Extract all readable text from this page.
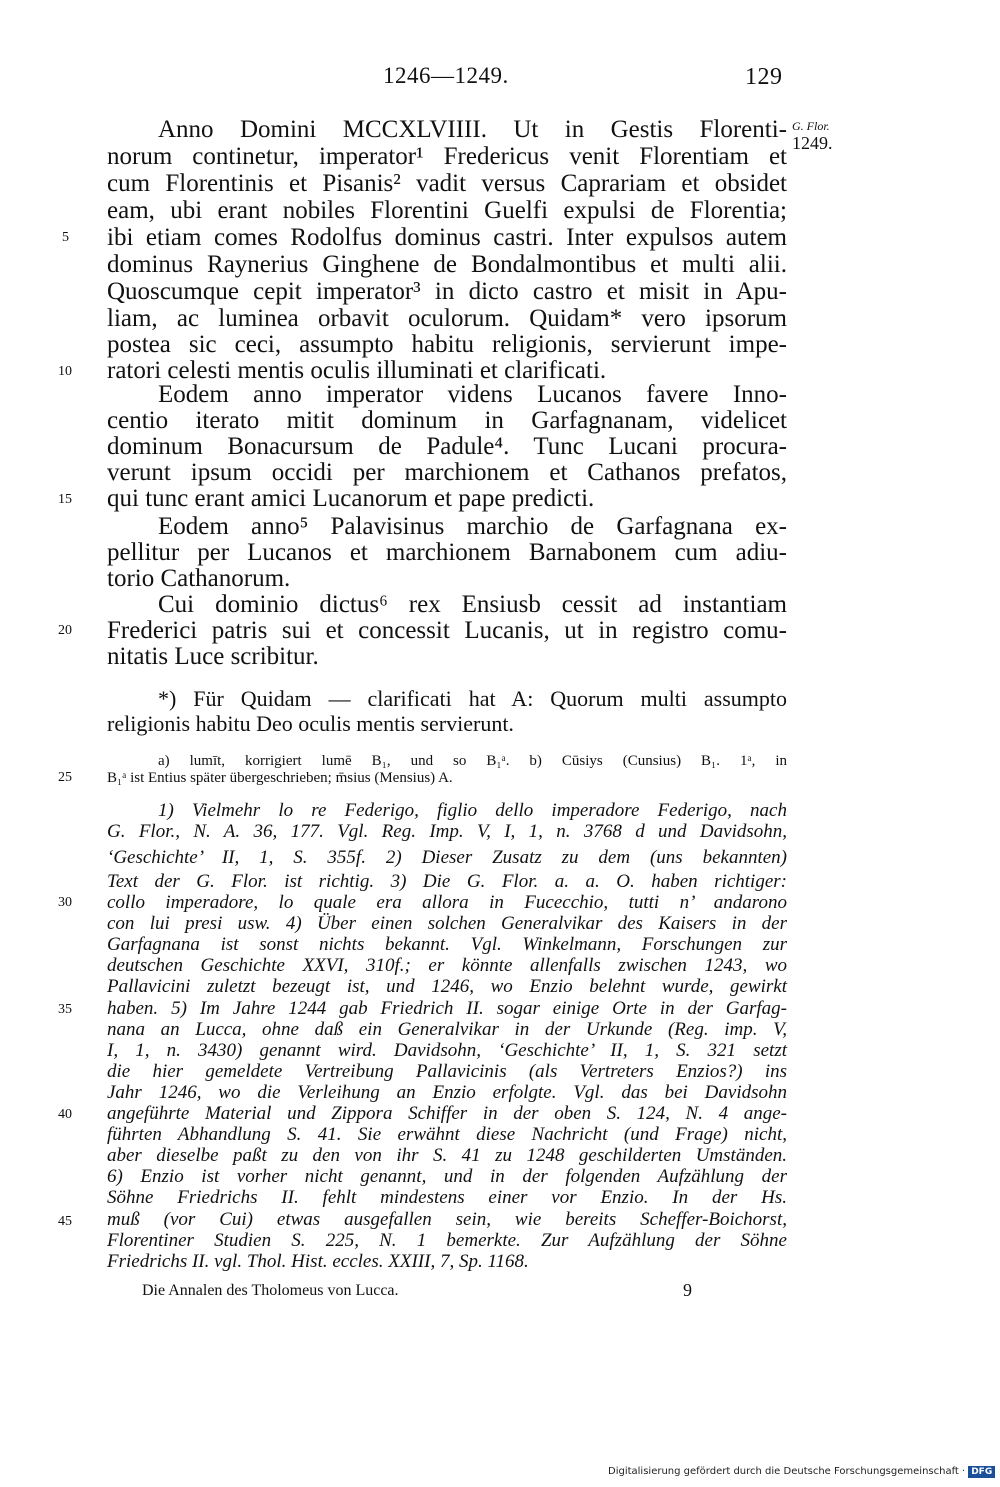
1246—1249.	129
G. Flor.
1249.
Anno Domini MCCXLVIIII. Ut in Gestis Florenti-
norum continetur, imperator¹ Fredericus venit Florentiam et
cum Florentinis et Pisanis² vadit versus Caprariam et obsidet
eam, ubi erant nobiles Florentini Guelfi expulsi de Florentia;
ibi etiam comes Rodolfus dominus castri. Inter expulsos autem
dominus Raynerius Ginghene de Bondalmontibus et multi alii.
Quoscumque cepit imperator³ in dicto castro et misit in Apu-
liam, ac luminea orbavit oculorum. Quidam* vero ipsorum
postea sic ceci, assumpto habitu religionis, servierunt impe-
ratori celesti mentis oculis illuminati et clarificati.
Eodem anno imperator videns Lucanos favere Inno-
centio iterato mitit dominum in Garfagnanam, videlicet
dominum Bonacursum de Padule⁴. Tunc Lucani procura-
verunt ipsum occidi per marchionem et Cathanos prefatos,
qui tunc erant amici Lucanorum et pape predicti.
Eodem anno⁵ Palavisinus marchio de Garfagnana ex-
pellitur per Lucanos et marchionem Barnabonem cum adiu-
torio Cathanorum.
Cui dominio dictus⁶ rex Ensiusb cessit ad instantiam
Frederici patris sui et concessit Lucanis, ut in registro comu-
nitatis Luce scribitur.
5
10
15
20
25
30
35
40
45
*) Für Quidam — clarificati hat A: Quorum multi assumpto
religionis habitu Deo oculis mentis servierunt.
a) lumīt, korrigiert lumē B₁, und so B₁ᵃ. b) Cūsiys (Cunsius) B₁. 1ᵃ, in
B₁ᵃ ist Entius später übergeschrieben; m̄sius (Mensius) A.
1) Vielmehr lo re Federigo, figlio dello imperadore Federigo, nach
G. Flor., N. A. 36, 177. Vgl. Reg. Imp. V, I, 1, n. 3768 d und Davidsohn,
‘Geschichte’ II, 1, S. 355f. 2) Dieser Zusatz zu dem (uns bekannten)
Text der G. Flor. ist richtig. 3) Die G. Flor. a. a. O. haben richtiger:
collo imperadore, lo quale era allora in Fucecchio, tutti n’ andarono
con lui presi usw. 4) Über einen solchen Generalvikar des Kaisers in der
Garfagnana ist sonst nichts bekannt. Vgl. Winkelmann, Forschungen zur
deutschen Geschichte XXVI, 310f.; er könnte allenfalls zwischen 1243, wo
Pallavicini zuletzt bezeugt ist, und 1246, wo Enzio belehnt wurde, gewirkt
haben. 5) Im Jahre 1244 gab Friedrich II. sogar einige Orte in der Garfag-
nana an Lucca, ohne daß ein Generalvikar in der Urkunde (Reg. imp. V,
I, 1, n. 3430) genannt wird. Davidsohn, ‘Geschichte’ II, 1, S. 321 setzt
die hier gemeldete Vertreibung Pallavicinis (als Vertreters Enzios?) ins
Jahr 1246, wo die Verleihung an Enzio erfolgte. Vgl. das bei Davidsohn
angeführte Material und Zippora Schiffer in der oben S. 124, N. 4 ange-
führten Abhandlung S. 41. Sie erwähnt diese Nachricht (und Frage) nicht,
aber dieselbe paßt zu den von ihr S. 41 zu 1248 geschilderten Umständen.
6) Enzio ist vorher nicht genannt, und in der folgenden Aufzählung der
Söhne Friedrichs II. fehlt mindestens einer vor Enzio. In der Hs.
muß (vor Cui) etwas ausgefallen sein, wie bereits Scheffer-Boichorst,
Florentiner Studien S. 225, N. 1 bemerkte. Zur Aufzählung der Söhne
Friedrichs II. vgl. Thol. Hist. eccles. XXIII, 7, Sp. 1168.
Die Annalen des Tholomeus von Lucca.	9
Digitalisierung gefördert durch die Deutsche Forschungsgemeinschaft · DFG
